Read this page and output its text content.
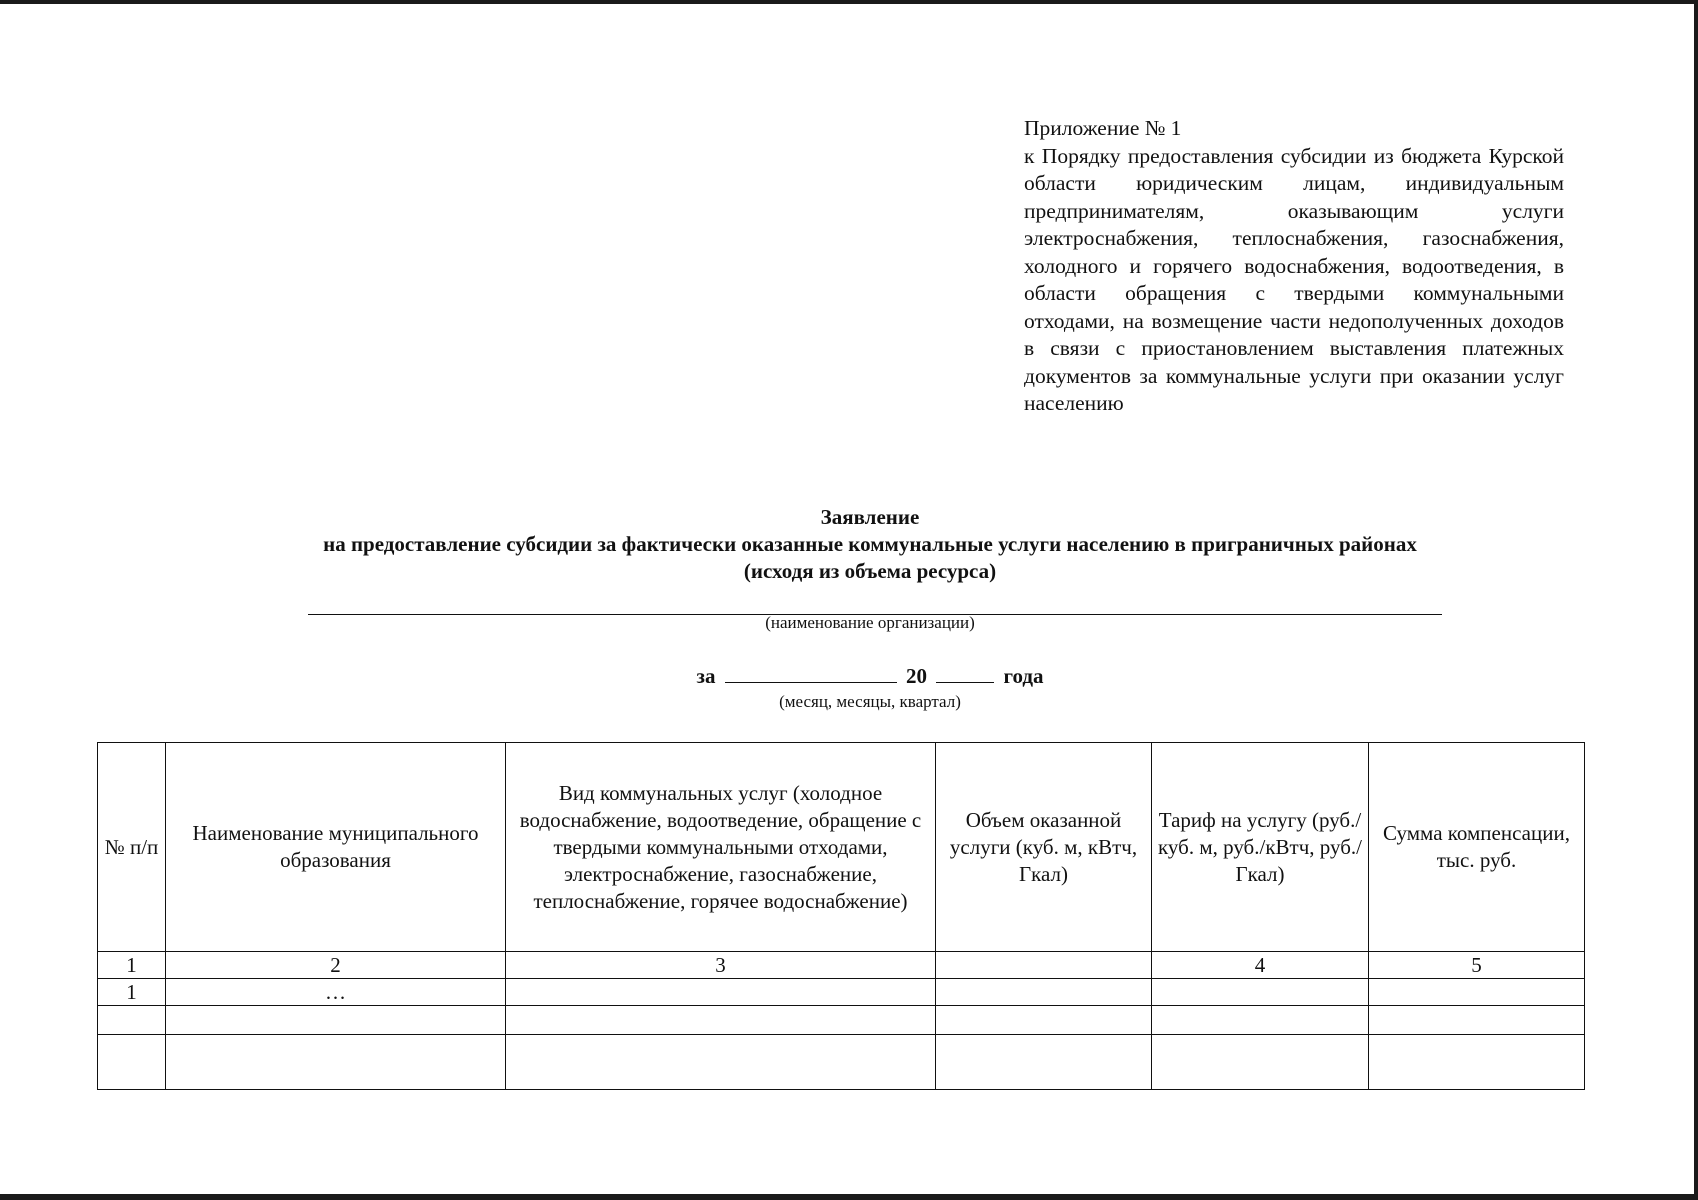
Приложение № 1

к Порядку предоставления субсидии из бюджета Курской области юридическим лицам, индивидуальным предпринимателям, оказывающим услуги электроснабжения, теплоснабжения, газоснабжения, холодного и горячего водоснабжения, водоотведения, в области обращения с твердыми коммунальными отходами, на возмещение части недополученных доходов в связи с приостановлением выставления платежных документов за коммунальные услуги при оказании услуг населению

Заявление
на предоставление субсидии за фактически оказанные коммунальные услуги населению в приграничных районах
(исходя из объема ресурса)
(наименование организации)
за	20	года
(месяц, месяцы, квартал)
№ п/п	Наименование муниципального образования	Вид коммунальных услуг (холодное водоснабжение, водоотведение, обращение с твердыми коммунальными отходами, электроснабжение, газоснабжение, теплоснабжение, горячее водоснабжение)	Объем оказанной услуги (куб. м, кВтч, Гкал)	Тариф на услугу (руб./куб. м, руб./кВтч, руб./Гкал)	Сумма компенсации, тыс. руб.
1	2	3		4	5
1	…				
